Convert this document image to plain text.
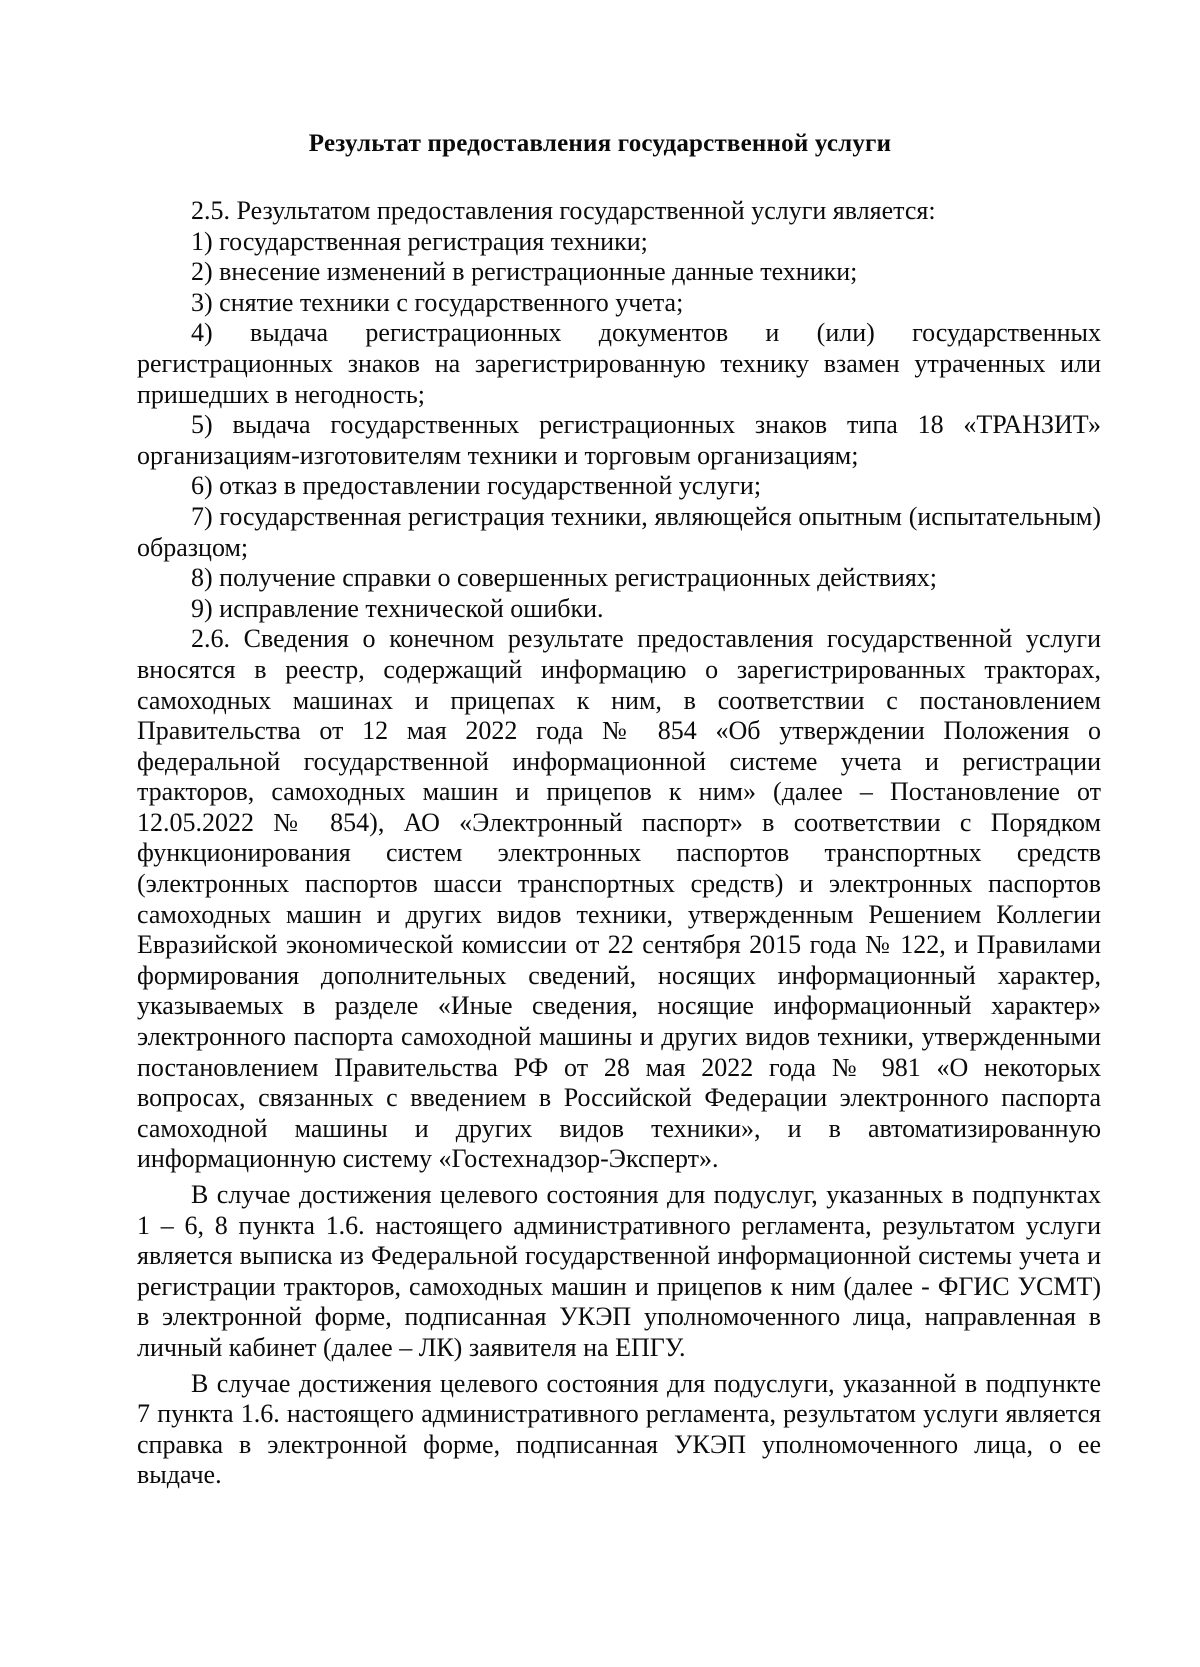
Результат предоставления государственной услуги

2.5. Результатом предоставления государственной услуги является:

1) государственная регистрация техники;

2) внесение изменений в регистрационные данные техники;

3) снятие техники с государственного учета;

4) выдача регистрационных документов и (или) государственных регистрационных знаков на зарегистрированную технику взамен утраченных или пришедших в негодность;

5) выдача государственных регистрационных знаков типа 18 «ТРАНЗИТ» организациям-изготовителям техники и торговым организациям;

6) отказ в предоставлении государственной услуги;

7) государственная регистрация техники, являющейся опытным (испытательным) образцом;

8) получение справки о совершенных регистрационных действиях;

9) исправление технической ошибки.

2.6. Сведения о конечном результате предоставления государственной услуги вносятся в реестр, содержащий информацию о зарегистрированных тракторах, самоходных машинах и прицепах к ним, в соответствии с постановлением Правительства от 12 мая 2022 года № 854 «Об утверждении Положения о федеральной государственной информационной системе учета и регистрации тракторов, самоходных машин и прицепов к ним» (далее – Постановление от 12.05.2022 № 854), АО «Электронный паспорт» в соответствии с Порядком функционирования систем электронных паспортов транспортных средств (электронных паспортов шасси транспортных средств) и электронных паспортов самоходных машин и других видов техники, утвержденным Решением Коллегии Евразийской экономической комиссии от 22 сентября 2015 года № 122, и Правилами формирования дополнительных сведений, носящих информационный характер, указываемых в разделе «Иные сведения, носящие информационный характер» электронного паспорта самоходной машины и других видов техники, утвержденными постановлением Правительства РФ от 28 мая 2022 года № 981 «О некоторых вопросах, связанных с введением в Российской Федерации электронного паспорта самоходной машины и других видов техники», и в автоматизированную информационную систему «Гостехнадзор-Эксперт».

В случае достижения целевого состояния для подуслуг, указанных в подпунктах 1 – 6, 8 пункта 1.6. настоящего административного регламента, результатом услуги является выписка из Федеральной государственной информационной системы учета и регистрации тракторов, самоходных машин и прицепов к ним (далее - ФГИС УСМТ) в электронной форме, подписанная УКЭП уполномоченного лица, направленная в личный кабинет (далее – ЛК) заявителя на ЕПГУ.

В случае достижения целевого состояния для подуслуги, указанной в подпункте 7 пункта 1.6. настоящего административного регламента, результатом услуги является справка в электронной форме, подписанная УКЭП уполномоченного лица, о ее выдаче.
